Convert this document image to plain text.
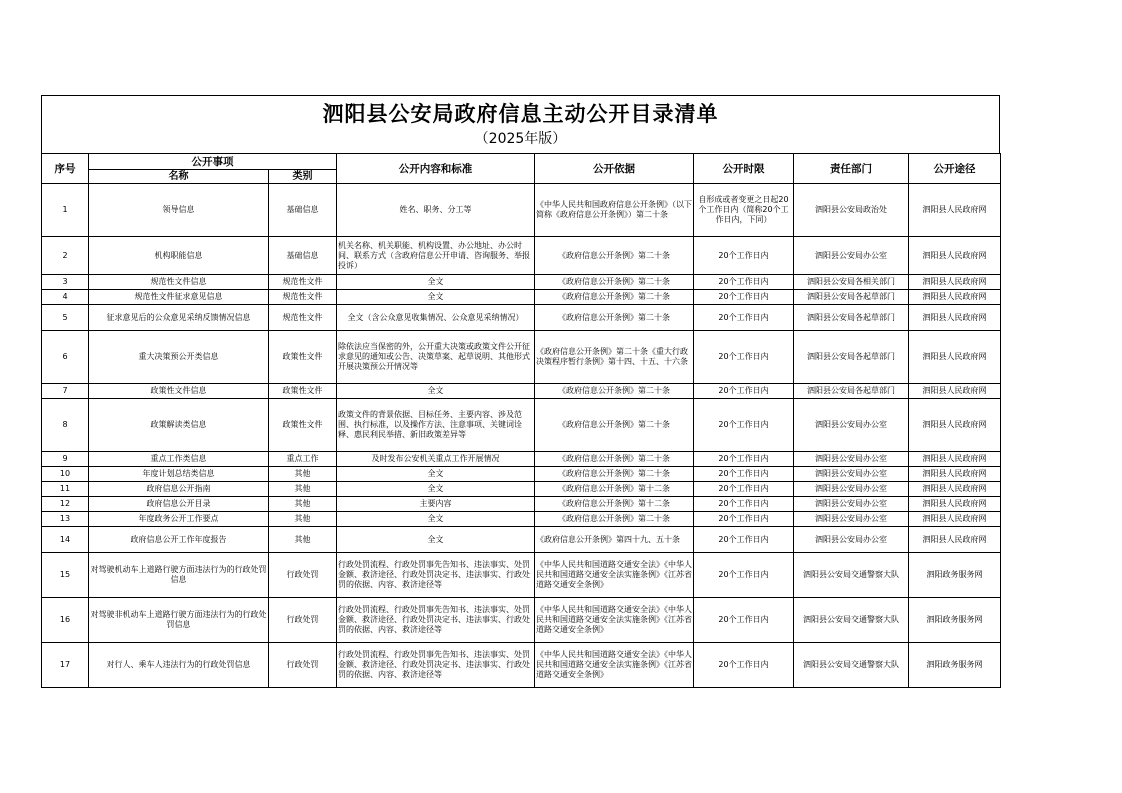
泗阳县公安局政府信息主动公开目录清单
（2025年版）
序号	公开事项		公开内容和标准	公开依据	公开时限	责任部门	公开途径
	名称	类别					

1	领导信息	基础信息	姓名、职务、分工等	《中华人民共和国政府信息公开条例》（以下简称《政府信息公开条例》）第二十条	自形成或者变更之日起20个工作日内（简称20个工作日内，下同）	泗阳县公安局政治处	泗阳县人民政府网

2	机构职能信息	基础信息	机关名称、机关职能、机构设置、办公地址、办公时间、联系方式（含政府信息公开申请、咨询服务、举报投诉）	《政府信息公开条例》第二十条	20个工作日内	泗阳县公安局办公室	泗阳县人民政府网

3	规范性文件信息	规范性文件	全文	《政府信息公开条例》第二十条	20个工作日内	泗阳县公安局各相关部门	泗阳县人民政府网

4	规范性文件征求意见信息	规范性文件	全文	《政府信息公开条例》第二十条	20个工作日内	泗阳县公安局各起草部门	泗阳县人民政府网

5	征求意见后的公众意见采纳反馈情况信息	规范性文件	全文（含公众意见收集情况、公众意见采纳情况）	《政府信息公开条例》第二十条	20个工作日内	泗阳县公安局各起草部门	泗阳县人民政府网

6	重大决策预公开类信息	政策性文件	除依法应当保密的外，公开重大决策或政策文件公开征求意见的通知或公告、决策草案、起草说明、其他形式开展决策预公开情况等	《政府信息公开条例》第二十条《重大行政决策程序暂行条例》第十四、十五、十六条	20个工作日内	泗阳县公安局各起草部门	泗阳县人民政府网

7	政策性文件信息	政策性文件	全文	《政府信息公开条例》第二十条	20个工作日内	泗阳县公安局各起草部门	泗阳县人民政府网

8	政策解读类信息	政策性文件	政策文件的背景依据、目标任务、主要内容、涉及范围、执行标准，以及操作方法、注意事项、关键词诠释、惠民利民举措、新旧政策差异等	《政府信息公开条例》第二十条	20个工作日内	泗阳县公安局办公室	泗阳县人民政府网

9	重点工作类信息	重点工作	及时发布公安机关重点工作开展情况	《政府信息公开条例》第二十条	20个工作日内	泗阳县公安局办公室	泗阳县人民政府网

10	年度计划总结类信息	其他	全文	《政府信息公开条例》第二十条	20个工作日内	泗阳县公安局办公室	泗阳县人民政府网

11	政府信息公开指南	其他	全文	《政府信息公开条例》第十二条	20个工作日内	泗阳县公安局办公室	泗阳县人民政府网

12	政府信息公开目录	其他	主要内容	《政府信息公开条例》第十二条	20个工作日内	泗阳县公安局办公室	泗阳县人民政府网

13	年度政务公开工作要点	其他	全文	《政府信息公开条例》第二十条	20个工作日内	泗阳县公安局办公室	泗阳县人民政府网

14	政府信息公开工作年度报告	其他	全文	《政府信息公开条例》第四十九、五十条	20个工作日内	泗阳县公安局办公室	泗阳县人民政府网

15	对驾驶机动车上道路行驶方面违法行为的行政处罚信息	行政处罚	行政处罚流程、行政处罚事先告知书、违法事实、处罚金额、救济途径、行政处罚决定书、违法事实、行政处罚的依据、内容、救济途径等	《中华人民共和国道路交通安全法》《中华人民共和国道路交通安全法实施条例》《江苏省道路交通安全条例》	20个工作日内	泗阳县公安局交通警察大队	泗阳政务服务网

16	对驾驶非机动车上道路行驶方面违法行为的行政处罚信息	行政处罚	行政处罚流程、行政处罚事先告知书、违法事实、处罚金额、救济途径、行政处罚决定书、违法事实、行政处罚的依据、内容、救济途径等	《中华人民共和国道路交通安全法》《中华人民共和国道路交通安全法实施条例》《江苏省道路交通安全条例》	20个工作日内	泗阳县公安局交通警察大队	泗阳政务服务网

17	对行人、乘车人违法行为的行政处罚信息	行政处罚	行政处罚流程、行政处罚事先告知书、违法事实、处罚金额、救济途径、行政处罚决定书、违法事实、行政处罚的依据、内容、救济途径等	《中华人民共和国道路交通安全法》《中华人民共和国道路交通安全法实施条例》《江苏省道路交通安全条例》	20个工作日内	泗阳县公安局交通警察大队	泗阳政务服务网
